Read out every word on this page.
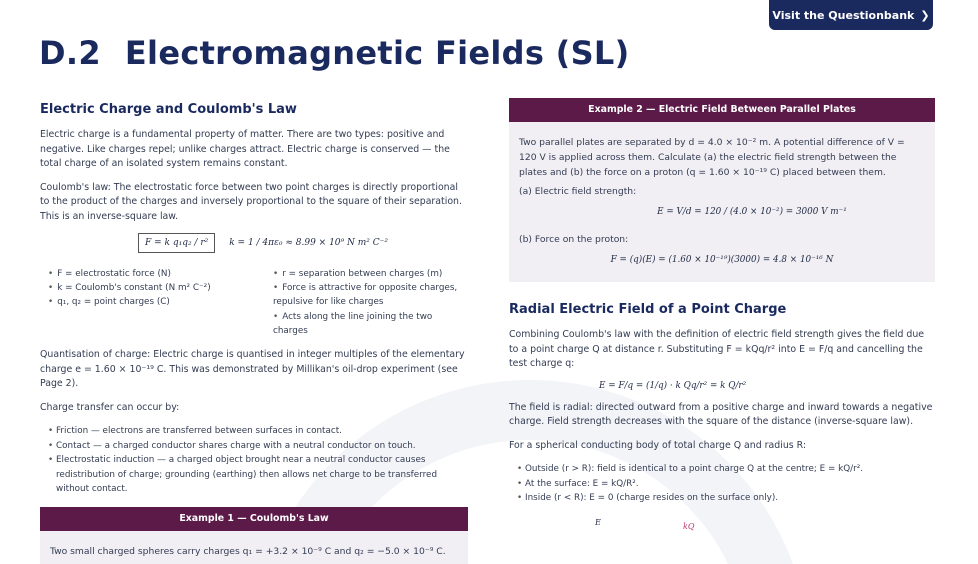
Visit the Questionbank ❯
D.2 Electromagnetic Fields (SL)
Electric Charge and Coulomb's Law

Electric charge is a fundamental property of matter. There are two types: positive and negative. Like charges repel; unlike charges attract. Electric charge is conserved — the total charge of an isolated system remains constant.

Coulomb's law: The electrostatic force between two point charges is directly proportional to the product of the charges and inversely proportional to the square of their separation. This is an inverse-square law.

F = k q₁q₂ / r²	k = 1 / 4πε₀ ≈ 8.99 × 10⁹ N m² C⁻²
• F = electrostatic force (N)
• k = Coulomb's constant (N m² C⁻²)
• q₁, q₂ = point charges (C)
• r = separation between charges (m)
• Force is attractive for opposite charges, repulsive for like charges
• Acts along the line joining the two charges

Quantisation of charge: Electric charge is quantised in integer multiples of the elementary charge e = 1.60 × 10⁻¹⁹ C. This was demonstrated by Millikan's oil-drop experiment (see Page 2).

Charge transfer can occur by:

• Friction — electrons are transferred between surfaces in contact.
• Contact — a charged conductor shares charge with a neutral conductor on touch.
• Electrostatic induction — a charged object brought near a neutral conductor causes redistribution of charge; grounding (earthing) then allows net charge to be transferred without contact.
Example 1 — Coulomb's Law
Two small charged spheres carry charges q₁ = +3.2 × 10⁻⁹ C and q₂ = −5.0 × 10⁻⁹ C.
Example 2 — Electric Field Between Parallel Plates

Two parallel plates are separated by d = 4.0 × 10⁻² m. A potential difference of V = 120 V is applied across them. Calculate (a) the electric field strength between the plates and (b) the force on a proton (q = 1.60 × 10⁻¹⁹ C) placed between them.

(a) Electric field strength:

E = V/d = 120 / (4.0 × 10⁻²) = 3000 V m⁻¹

(b) Force on the proton:

F = (q)(E) = (1.60 × 10⁻¹⁹)(3000) = 4.8 × 10⁻¹⁶ N
Radial Electric Field of a Point Charge

Combining Coulomb's law with the definition of electric field strength gives the field due to a point charge Q at distance r. Substituting F = kQq/r² into E = F/q and cancelling the test charge q:

E = F/q = (1/q) · k Qq/r² = k Q/r²

The field is radial: directed outward from a positive charge and inward towards a negative charge. Field strength decreases with the square of the distance (inverse-square law).

For a spherical conducting body of total charge Q and radius R:

• Outside (r > R): field is identical to a point charge Q at the centre; E = kQ/r².
• At the surface: E = kQ/R².
• Inside (r < R): E = 0 (charge resides on the surface only).
E	kQ
